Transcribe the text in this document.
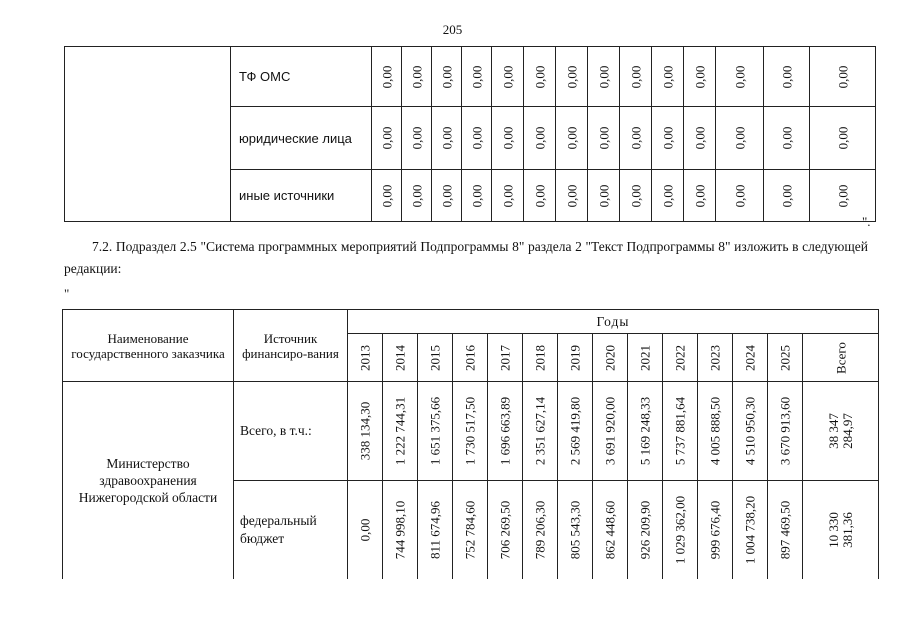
205
	ТФ ОМС	0,00	0,00	0,00	0,00	0,00	0,00	0,00	0,00	0,00	0,00	0,00	0,00	0,00	0,00

	юридические лица	0,00	0,00	0,00	0,00	0,00	0,00	0,00	0,00	0,00	0,00	0,00	0,00	0,00	0,00

	иные источники	0,00	0,00	0,00	0,00	0,00	0,00	0,00	0,00	0,00	0,00	0,00	0,00	0,00	0,00
".
7.2. Подраздел 2.5 "Система программных мероприятий Подпрограммы 8" раздела 2 "Текст Подпрограммы 8" изложить в следующей редакции:
"
Наименование государственного заказчика	Источник финансиро-вания	Годы													

		2013	2014	2015	2016	2017	2018	2019	2020	2021	2022	2023	2024	2025	Всего

Министерство здравоохранения Нижегородской области	Всего, в т.ч.:	338 134,30	1 222 744,31	1 651 375,66	1 730 517,50	1 696 663,89	2 351 627,14	2 569 419,80	3 691 920,00	5 169 248,33	5 737 881,64	4 005 888,50	4 510 950,30	3 670 913,60	38 347
284,97

	федеральный бюджет	0,00	744 998,10	811 674,96	752 784,60	706 269,50	789 206,30	805 543,30	862 448,60	926 209,90	1 029 362,00	999 676,40	1 004 738,20	897 469,50	10 330
381,36
